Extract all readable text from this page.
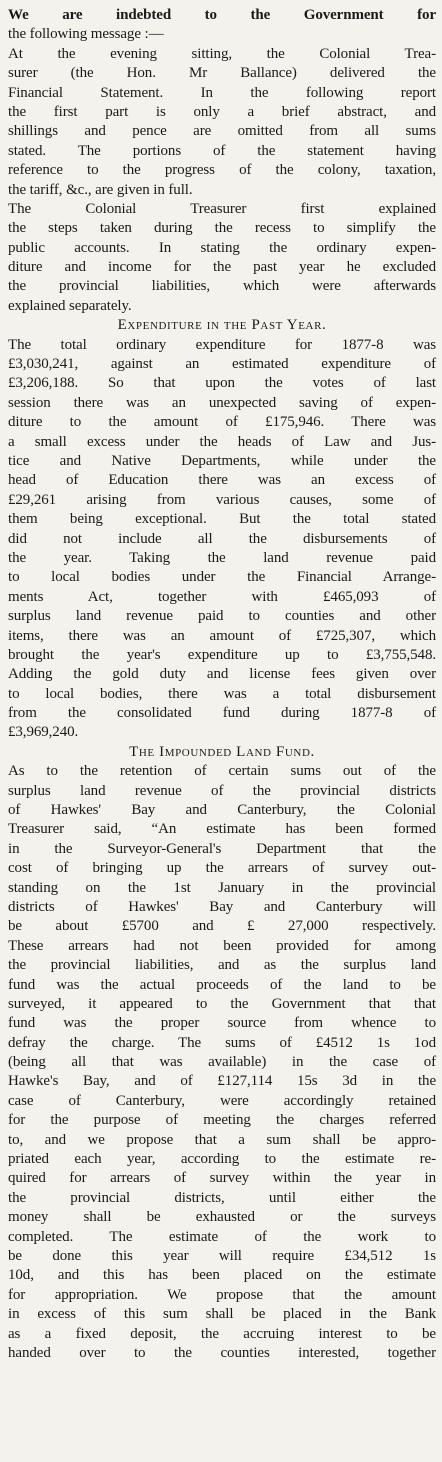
We are indebted to the Government for
the following message :—
At the evening sitting, the Colonial Trea-
surer (the Hon. Mr Ballance) delivered the
Financial Statement. In the following report
the first part is only a brief abstract, and
shillings and pence are omitted from all sums
stated. The portions of the statement having
reference to the progress of the colony, taxation,
the tariff, &c., are given in full.
The Colonial Treasurer first explained
the steps taken during the recess to simplify the
public accounts. In stating the ordinary expen-
diture and income for the past year he excluded
the provincial liabilities, which were afterwards
explained separately.
Expenditure in the Past Year.
The total ordinary expenditure for 1877-8 was
£3,030,241, against an estimated expenditure of
£3,206,188. So that upon the votes of last
session there was an unexpected saving of expen-
diture to the amount of £175,946. There was
a small excess under the heads of Law and Jus-
tice and Native Departments, while under the
head of Education there was an excess of
£29,261 arising from various causes, some of
them being exceptional. But the total stated
did not include all the disbursements of
the year. Taking the land revenue paid
to local bodies under the Financial Arrange-
ments Act, together with £465,093 of
surplus land revenue paid to counties and other
items, there was an amount of £725,307, which
brought the year's expenditure up to £3,755,548.
Adding the gold duty and license fees given over
to local bodies, there was a total disbursement
from the consolidated fund during 1877-8 of
£3,969,240.
The Impounded Land Fund.
As to the retention of certain sums out of the
surplus land revenue of the provincial districts
of Hawkes' Bay and Canterbury, the Colonial
Treasurer said, “An estimate has been formed
in the Surveyor-General's Department that the
cost of bringing up the arrears of survey out-
standing on the 1st January in the provincial
districts of Hawkes' Bay and Canterbury will
be about £5700 and £ 27,000 respectively.
These arrears had not been provided for among
the provincial liabilities, and as the surplus land
fund was the actual proceeds of the land to be
surveyed, it appeared to the Government that that
fund was the proper source from whence to
defray the charge. The sums of £4512 1s 1od
(being all that was available) in the case of
Hawke's Bay, and of £127,114 15s 3d in the
case of Canterbury, were accordingly retained
for the purpose of meeting the charges referred
to, and we propose that a sum shall be appro-
priated each year, according to the estimate re-
quired for arrears of survey within the year in
the provincial districts, until either the
money shall be exhausted or the surveys
completed. The estimate of the work to
be done this year will require £34,512 1s
10d, and this has been placed on the estimate
for appropriation. We propose that the amount
in excess of this sum shall be placed in the Bank
as a fixed deposit, the accruing interest to be
handed over to the counties interested, together
